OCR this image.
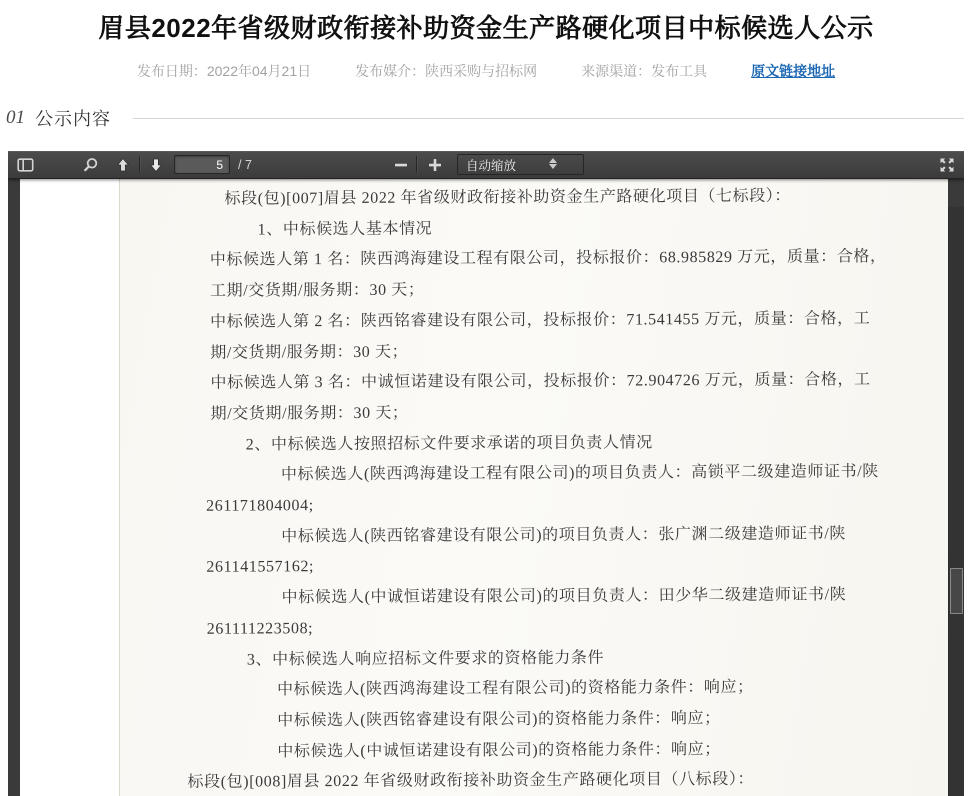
眉县2022年省级财政衔接补助资金生产路硬化项目中标候选人公示
发布日期：2022年04月21日	发布媒介：陕西采购与招标网	来源渠道：发布工具	原文链接地址
01 公示内容
5
/ 7	自动缩放
标段(包)[007]眉县 2022 年省级财政衔接补助资金生产路硬化项目（七标段）：
1、中标候选人基本情况
中标候选人第 1 名：陕西鸿海建设工程有限公司，投标报价：68.985829 万元，质量：合格，
工期/交货期/服务期：30 天；
中标候选人第 2 名：陕西铭睿建设有限公司，投标报价：71.541455 万元，质量：合格，工
期/交货期/服务期：30 天；
中标候选人第 3 名：中诚恒诺建设有限公司，投标报价：72.904726 万元，质量：合格，工
期/交货期/服务期：30 天；
2、中标候选人按照招标文件要求承诺的项目负责人情况
中标候选人(陕西鸿海建设工程有限公司)的项目负责人：高锁平二级建造师证书/陕
261171804004;
中标候选人(陕西铭睿建设有限公司)的项目负责人：张广渊二级建造师证书/陕
261141557162;
中标候选人(中诚恒诺建设有限公司)的项目负责人：田少华二级建造师证书/陕
261111223508;
3、中标候选人响应招标文件要求的资格能力条件
中标候选人(陕西鸿海建设工程有限公司)的资格能力条件：响应；
中标候选人(陕西铭睿建设有限公司)的资格能力条件：响应；
中标候选人(中诚恒诺建设有限公司)的资格能力条件：响应；
标段(包)[008]眉县 2022 年省级财政衔接补助资金生产路硬化项目（八标段）：
